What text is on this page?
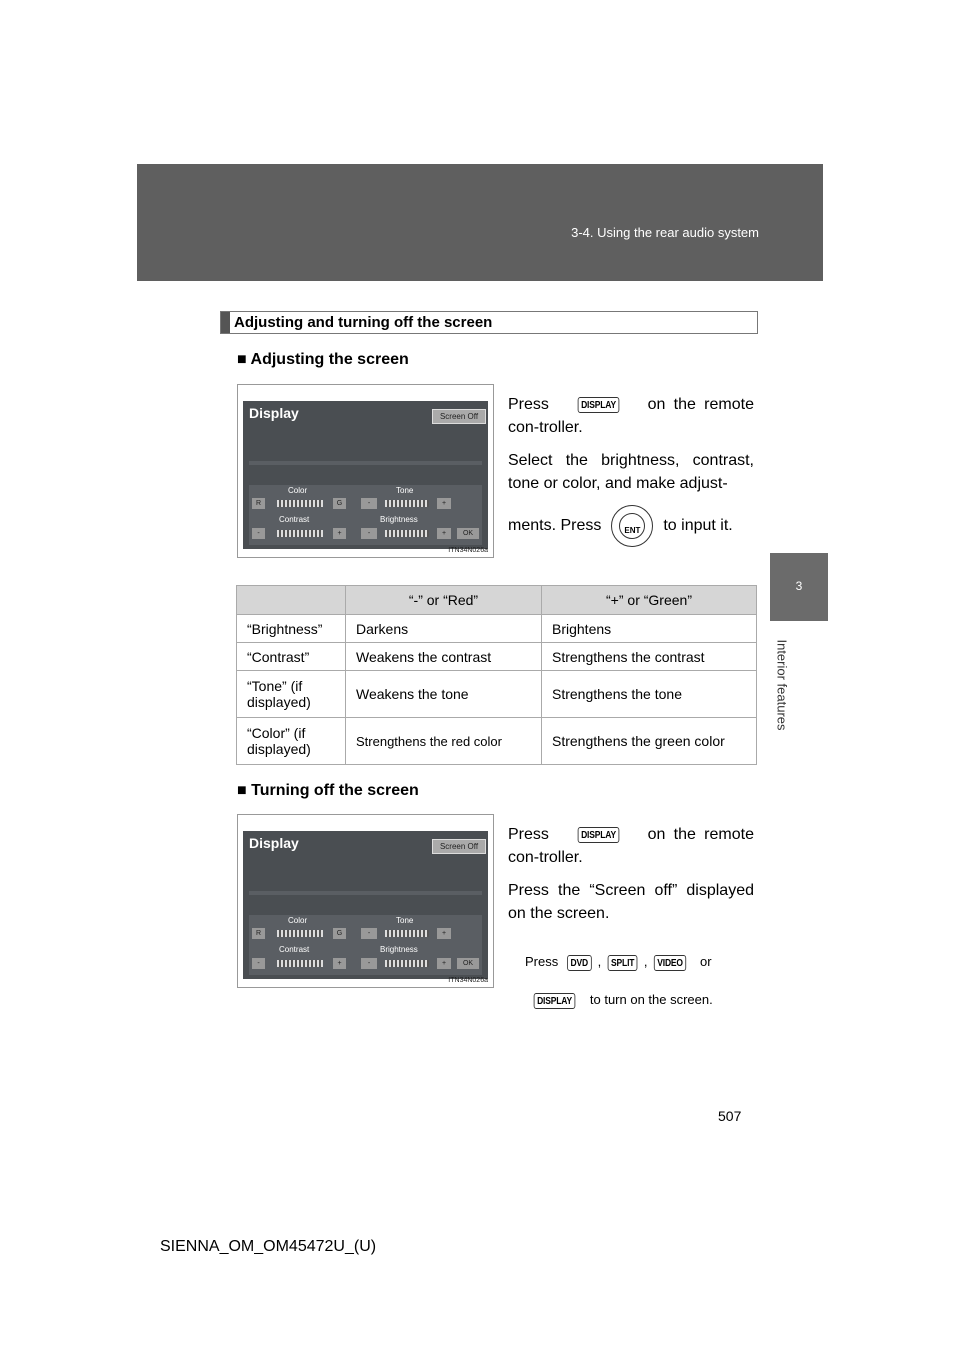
3-4. Using the rear audio system
3
Interior features
Adjusting and turning off the screen
■ Adjusting the screen
Display	Screen Off
Color	Tone
R	G	-	+
Contrast	Brightness
-	+	-	+	OK
ITN34N026a
Press	DISPLAY on the remote con-troller.
Select the brightness, contrast, tone or color, and make adjust-
ments. Press	ENT	to input it.
	“-” or “Red”	“+” or “Green”
“Brightness”	Darkens	Brightens
“Contrast”	Weakens the contrast	Strengthens the contrast
“Tone” (if displayed)	Weakens the tone	Strengthens the tone
“Color” (if displayed)	Strengthens the red color	Strengthens the green color
■ Turning off the screen
Display	Screen Off
Color	Tone
R	G	-	+
Contrast	Brightness
-	+	-	+	OK
ITN34N026a
Press	DISPLAY on the remote con-troller.
Press the “Screen off” displayed on the screen.
Press DVD , SPLIT , VIDEO or
DISPLAY to turn on the screen.
507
SIENNA_OM_OM45472U_(U)
